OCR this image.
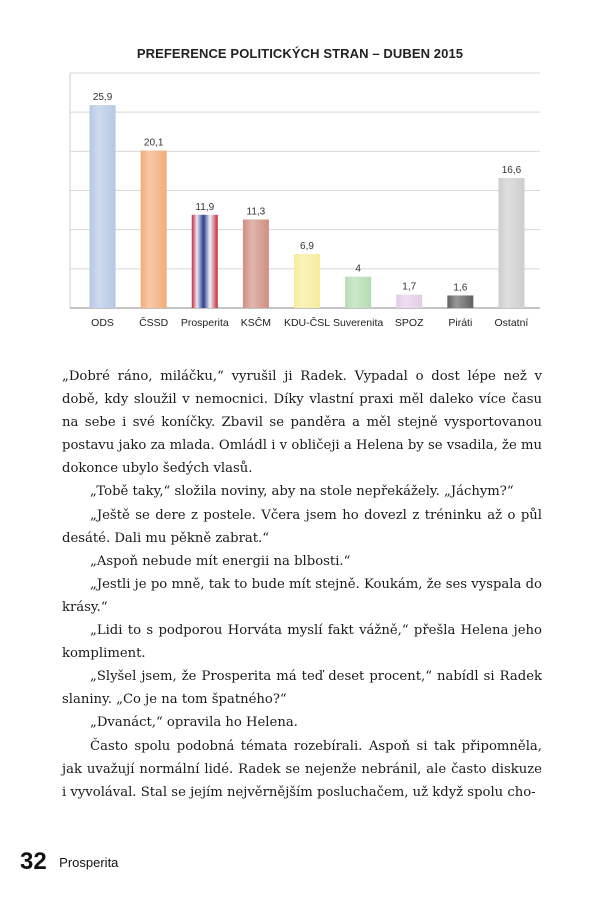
PREFERENCE POLITICKÝCH STRAN – DUBEN 2015
25,9
ODS
20,1
ČSSD
11,9
Prosperita
11,3
KSČM
6,9
KDU-ČSL
4
Suverenita
1,7
SPOZ
1,6
Piráti
16,6
Ostatní

„Dobré ráno, miláčku,“ vyrušil ji Radek. Vypadal o dost lépe než v době, kdy sloužil v nemocnici. Díky vlastní praxi měl daleko více času na sebe i své koníčky. Zbavil se panděra a měl stejně vysportovanou postavu jako za mlada. Omládl i v obličeji a Helena by se vsadila, že mu dokonce ubylo šedých vlasů.

„Tobě taky,“ složila noviny, aby na stole nepřekážely. „Jáchym?“

„Ještě se dere z postele. Včera jsem ho dovezl z tréninku až o půl desáté. Dali mu pěkně zabrat.“

„Aspoň nebude mít energii na blbosti.“

„Jestli je po mně, tak to bude mít stejně. Koukám, že ses vyspala do krásy.“

„Lidi to s podporou Horváta myslí fakt vážně,“ přešla Helena jeho kompliment.

„Slyšel jsem, že Prosperita má teď deset procent,“ nabídl si Radek slaniny. „Co je na tom špatného?“

„Dvanáct,“ opravila ho Helena.

Často spolu podobná témata rozebírali. Aspoň si tak připomněla, jak uvažují normální lidé. Radek se nejenže nebránil, ale často diskuze i vyvolával. Stal se jejím nejvěrnějším posluchačem, už když spolu cho-

32 Prosperita
